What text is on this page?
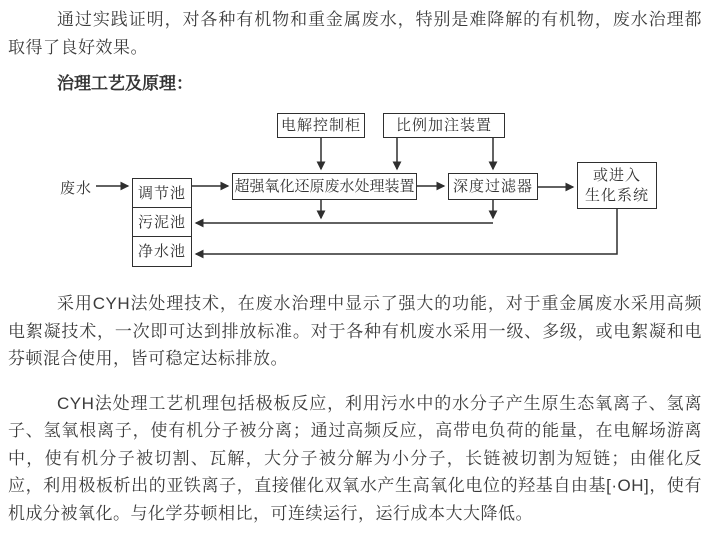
通过实践证明，对各种有机物和重金属废水，特别是难降解的有机物，废水治理都取得了良好效果。

治理工艺及原理：
废水
电解控制柜 比例加注装置
超强氧化还原废水处理装置	深度过滤器
或进入
生化系统
调节池
污泥池
净水池

采用CYH法处理技术，在废水治理中显示了强大的功能，对于重金属废水采用高频电絮凝技术，一次即可达到排放标准。对于各种有机废水采用一级、多级，或电絮凝和电芬顿混合使用，皆可稳定达标排放。

CYH法处理工艺机理包括极板反应，利用污水中的水分子产生原生态氧离子、氢离子、氢氧根离子，使有机分子被分离；通过高频反应，高带电负荷的能量，在电解场游离中，使有机分子被切割、瓦解，大分子被分解为小分子，长链被切割为短链；由催化反应，利用极板析出的亚铁离子，直接催化双氧水产生高氧化电位的羟基自由基[·OH]，使有机成分被氧化。与化学芬顿相比，可连续运行，运行成本大大降低。
